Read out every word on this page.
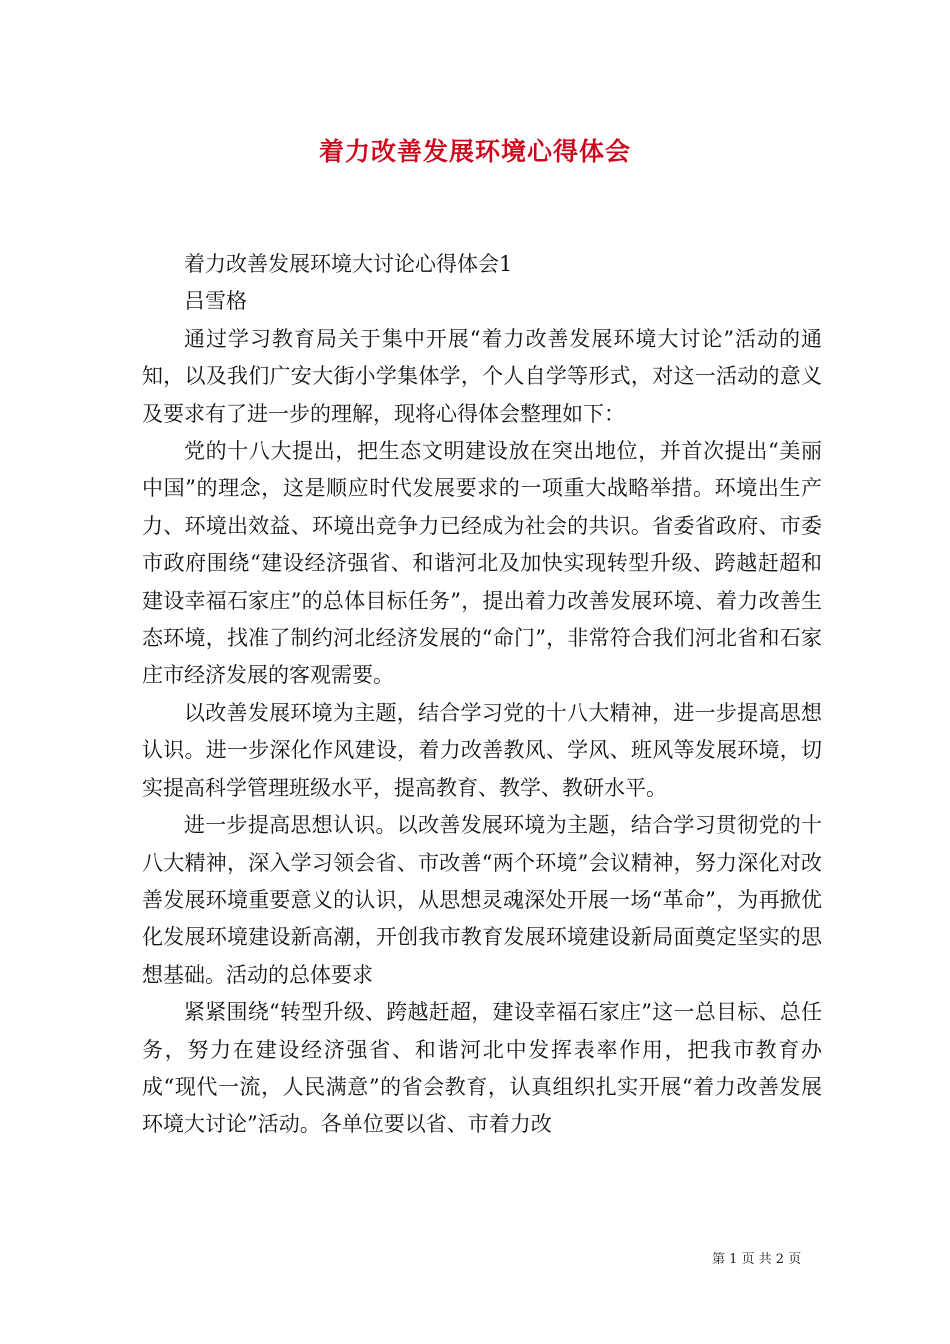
着力改善发展环境心得体会

着力改善发展环境大讨论心得体会1

吕雪格

通过学习教育局关于集中开展“着力改善发展环境大讨论”活动的通知，以及我们广安大街小学集体学，个人自学等形式，对这一活动的意义及要求有了进一步的理解，现将心得体会整理如下：

党的十八大提出，把生态文明建设放在突出地位，并首次提出“美丽中国”的理念，这是顺应时代发展要求的一项重大战略举措。环境出生产力、环境出效益、环境出竞争力已经成为社会的共识。省委省政府、市委市政府围绕“建设经济强省、和谐河北及加快实现转型升级、跨越赶超和建设幸福石家庄”的总体目标任务”，提出着力改善发展环境、着力改善生态环境，找准了制约河北经济发展的“命门”，非常符合我们河北省和石家庄市经济发展的客观需要。

以改善发展环境为主题，结合学习党的十八大精神，进一步提高思想认识。进一步深化作风建设，着力改善教风、学风、班风等发展环境，切实提高科学管理班级水平，提高教育、教学、教研水平。

进一步提高思想认识。以改善发展环境为主题，结合学习贯彻党的十八大精神，深入学习领会省、市改善“两个环境”会议精神，努力深化对改善发展环境重要意义的认识，从思想灵魂深处开展一场“革命”，为再掀优化发展环境建设新高潮，开创我市教育发展环境建设新局面奠定坚实的思想基础。活动的总体要求

紧紧围绕“转型升级、跨越赶超，建设幸福石家庄”这一总目标、总任务，努力在建设经济强省、和谐河北中发挥表率作用，把我市教育办成“现代一流，人民满意”的省会教育，认真组织扎实开展“着力改善发展环境大讨论”活动。各单位要以省、市着力改

第 1 页 共 2 页
